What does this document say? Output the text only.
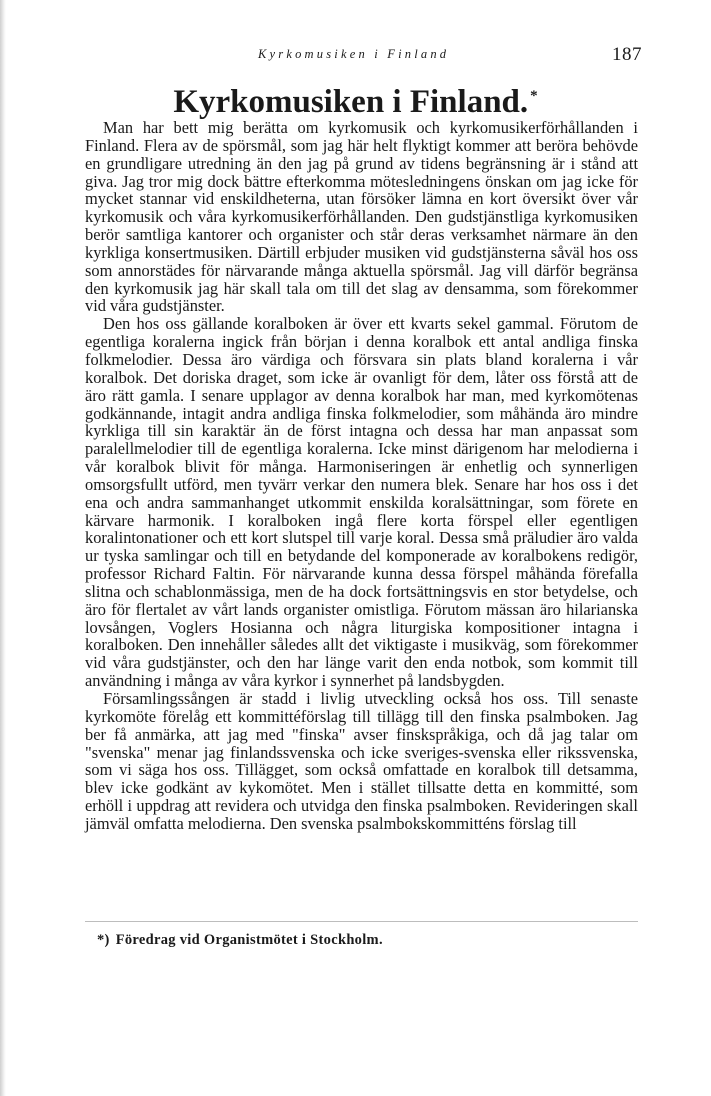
Kyrkomusiken i Finland	187
Kyrkomusiken i Finland. *

Man har bett mig berätta om kyrkomusik och kyrkomusikerförhållanden i Finland. Flera av de spörsmål, som jag här helt flyktigt kommer att beröra behövde en grundligare utredning än den jag på grund av tidens begränsning är i stånd att giva. Jag tror mig dock bättre efterkomma mötesledningens önskan om jag icke för mycket stannar vid enskildheterna, utan försöker lämna en kort översikt över vår kyrkomusik och våra kyrkomusikerförhållanden. Den gudstjänstliga kyrkomusiken berör samtliga kantorer och organister och står deras verksamhet närmare än den kyrkliga konsertmusiken. Därtill erbjuder musiken vid gudstjänsterna såväl hos oss som annorstädes för närvarande många aktuella spörsmål. Jag vill därför begränsa den kyrkomusik jag här skall tala om till det slag av densamma, som förekommer vid våra gudstjänster.

Den hos oss gällande koralboken är över ett kvarts sekel gammal. Förutom de egentliga koralerna ingick från början i denna koralbok ett antal andliga finska folkmelodier. Dessa äro värdiga och försvara sin plats bland koralerna i vår koralbok. Det doriska draget, som icke är ovanligt för dem, låter oss förstå att de äro rätt gamla. I senare upplagor av denna koralbok har man, med kyrkomötenas godkännande, intagit andra andliga finska folkmelodier, som måhända äro mindre kyrkliga till sin karaktär än de först intagna och dessa har man anpassat som paralellmelodier till de egentliga koralerna. Icke minst därigenom har melodierna i vår koralbok blivit för många. Harmoniseringen är enhetlig och synnerligen omsorgsfullt utförd, men tyvärr verkar den numera blek. Senare har hos oss i det ena och andra sammanhanget utkommit enskilda koralsättningar, som förete en kärvare harmonik. I koralboken ingå flere korta förspel eller egentligen koralintonationer och ett kort slutspel till varje koral. Dessa små präludier äro valda ur tyska samlingar och till en betydande del komponerade av koralbokens redigör, professor Richard Faltin. För närvarande kunna dessa förspel måhända förefalla slitna och schablonmässiga, men de ha dock fortsättningsvis en stor betydelse, och äro för flertalet av vårt lands organister omistliga. Förutom mässan äro hilarianska lovsången, Voglers Hosianna och några liturgiska kompositioner intagna i koralboken. Den innehåller således allt det viktigaste i musikväg, som förekommer vid våra gudstjänster, och den har länge varit den enda notbok, som kommit till användning i många av våra kyrkor i synnerhet på landsbygden.

Församlingssången är stadd i livlig utveckling också hos oss. Till senaste kyrkomöte förelåg ett kommittéförslag till tillägg till den finska psalmboken. Jag ber få anmärka, att jag med "finska" avser finskspråkiga, och då jag talar om "svenska" menar jag finlandssvenska och icke sveriges-svenska eller rikssvenska, som vi säga hos oss. Tillägget, som också omfattade en koralbok till detsamma, blev icke godkänt av kykomötet. Men i stället tillsatte detta en kommitté, som erhöll i uppdrag att revidera och utvidga den finska psalmboken. Revideringen skall jämväl omfatta melodierna. Den svenska psalmbokskommitténs förslag till

*) Föredrag vid Organistmötet i Stockholm.
